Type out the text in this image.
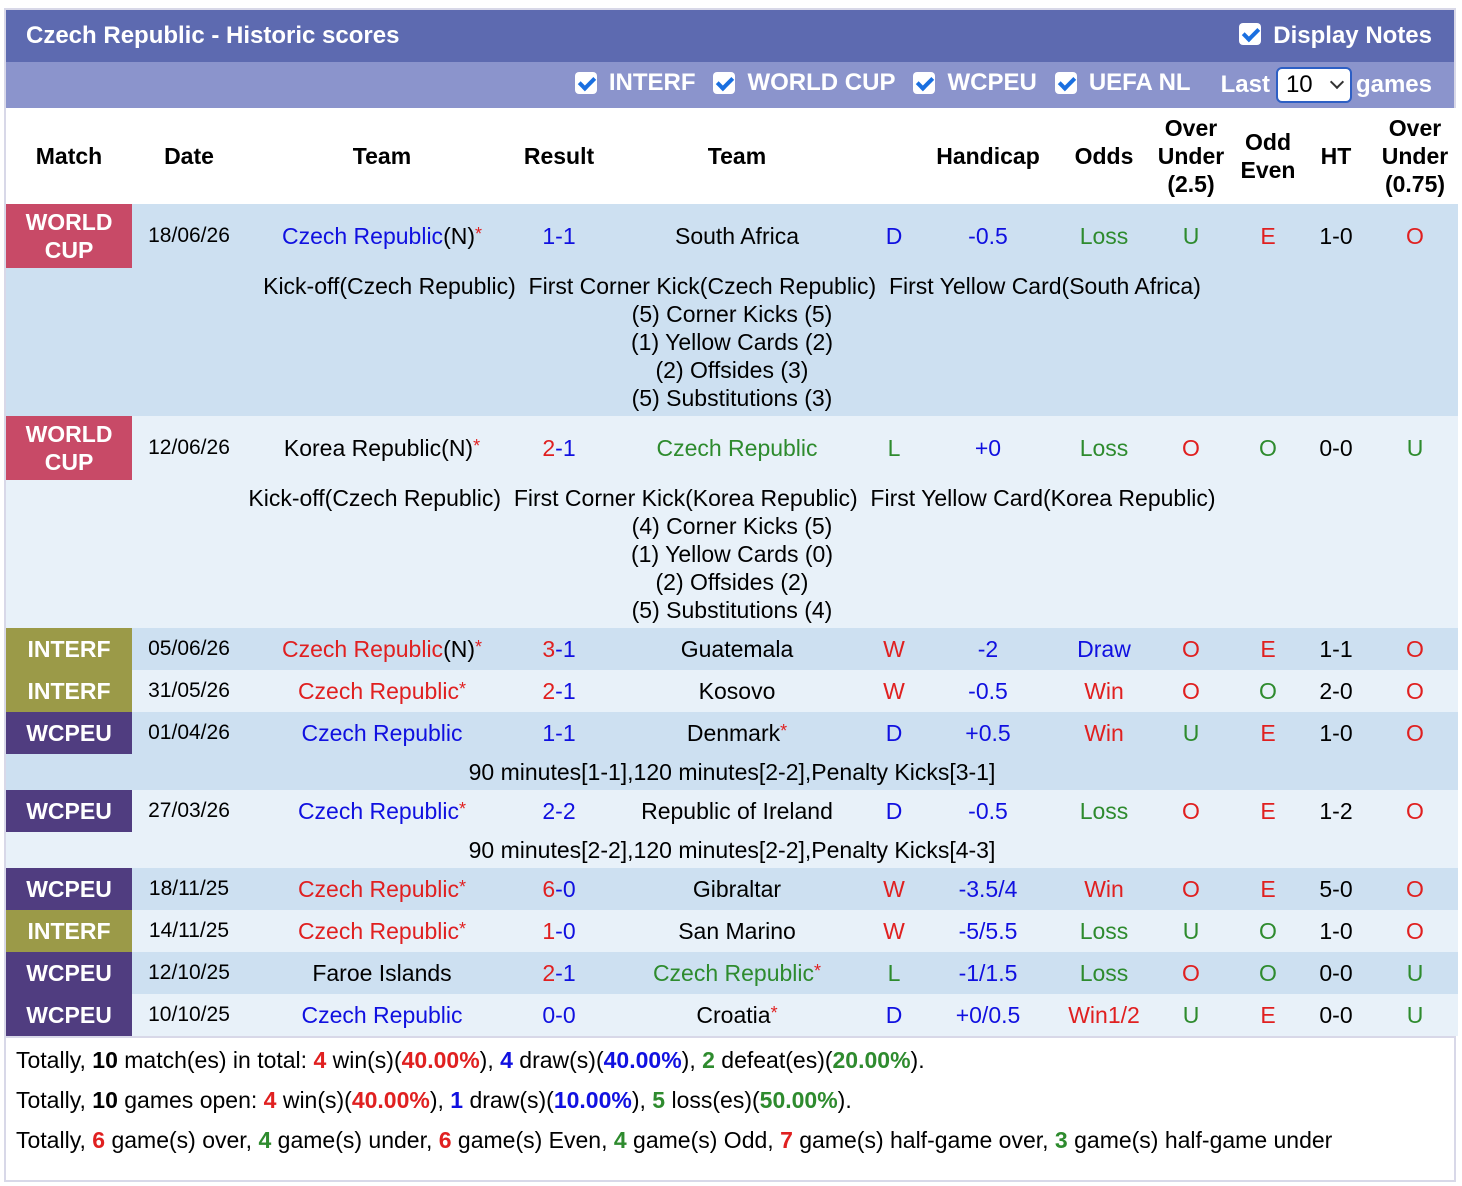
Czech Republic - Historic scores	Display Notes
INTERF WORLD CUP WCPEU UEFA NL Last 10 games
Match	Date	Team	Result	Team		Handicap	Odds	Over
Under
(2.5)	Odd
Even	HT	Over
Under
(0.75)
WORLD
CUP	18/06/26	Czech Republic(N)*	1-1	South Africa	D	-0.5	Loss	U	E	1-0	O

Kick-off(Czech Republic)  First Corner Kick(Czech Republic)  First Yellow Card(South Africa)
(5) Corner Kicks (5)
(1) Yellow Cards (2)
(2) Offsides (3)
(5) Substitutions (3)											

WORLD
CUP	12/06/26	Korea Republic(N)*	2-1	Czech Republic	L	+0	Loss	O	O	0-0	U

Kick-off(Czech Republic)  First Corner Kick(Korea Republic)  First Yellow Card(Korea Republic)
(4) Corner Kicks (5)
(1) Yellow Cards (0)
(2) Offsides (2)
(5) Substitutions (4)											

INTERF	05/06/26	Czech Republic(N)*	3-1	Guatemala	W	-2	Draw	O	E	1-1	O
INTERF	31/05/26	Czech Republic*	2-1	Kosovo	W	-0.5	Win	O	O	2-0	O
WCPEU	01/04/26	Czech Republic	1-1	Denmark*	D	+0.5	Win	U	E	1-0	O

90 minutes[1-1],120 minutes[2-2],Penalty Kicks[3-1]											

WCPEU	27/03/26	Czech Republic*	2-2	Republic of Ireland	D	-0.5	Loss	O	E	1-2	O

90 minutes[2-2],120 minutes[2-2],Penalty Kicks[4-3]											

WCPEU	18/11/25	Czech Republic*	6-0	Gibraltar	W	-3.5/4	Win	O	E	5-0	O
INTERF	14/11/25	Czech Republic*	1-0	San Marino	W	-5/5.5	Loss	U	O	1-0	O
WCPEU	12/10/25	Faroe Islands	2-1	Czech Republic*	L	-1/1.5	Loss	O	O	0-0	U
WCPEU	10/10/25	Czech Republic	0-0	Croatia*	D	+0/0.5	Win1/2	U	E	0-0	U
Totally, 10 match(es) in total: 4 win(s)(40.00%), 4 draw(s)(40.00%), 2 defeat(es)(20.00%).
Totally, 10 games open: 4 win(s)(40.00%), 1 draw(s)(10.00%), 5 loss(es)(50.00%).
Totally, 6 game(s) over, 4 game(s) under, 6 game(s) Even, 4 game(s) Odd, 7 game(s) half-game over, 3 game(s) half-game under
